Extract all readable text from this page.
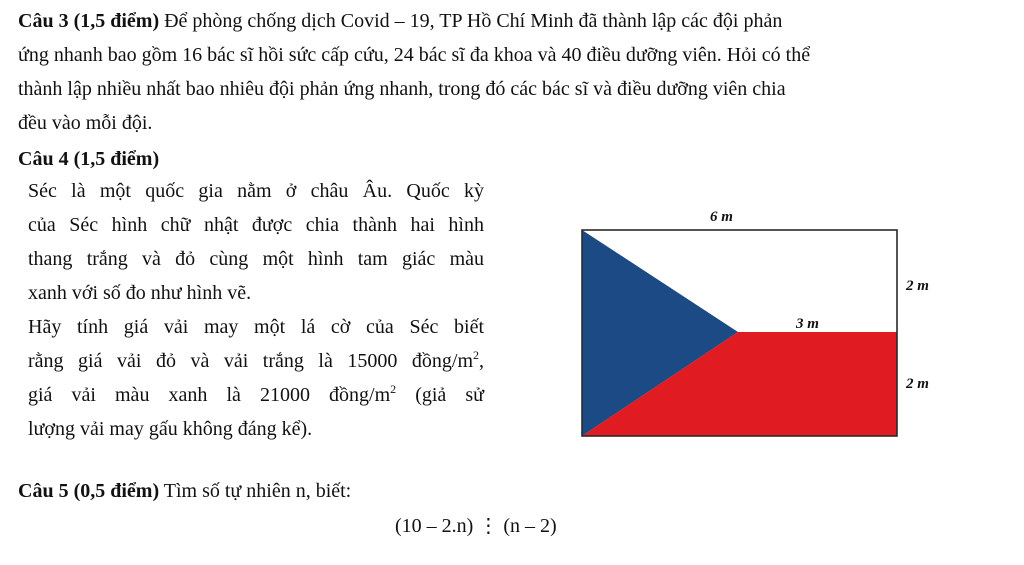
Câu 3 (1,5 điểm) Để phòng chống dịch Covid – 19, TP Hồ Chí Minh đã thành lập các đội phản
ứng nhanh bao gồm 16 bác sĩ hồi sức cấp cứu, 24 bác sĩ đa khoa và 40 điều dưỡng viên. Hỏi có thể
thành lập nhiều nhất bao nhiêu đội phản ứng nhanh, trong đó các bác sĩ và điều dưỡng viên chia
đều vào mỗi đội.
Câu 4 (1,5 điểm)
Séc là một quốc gia nằm ở châu Âu. Quốc kỳ
của Séc hình chữ nhật được chia thành hai hình
thang trắng và đỏ cùng một hình tam giác màu
xanh với số đo như hình vẽ.
Hãy tính giá vải may một lá cờ của Séc biết
rằng giá vải đỏ và vải trắng là 15000 đồng/$m^2$,
giá vải màu xanh là 21000 đồng/$m^2$ (giả sử
lượng vải may gấu không đáng kể).
6 m
2 m
3 m
2 m
Câu 5 (0,5 điểm) Tìm số tự nhiên n, biết:
(10 – 2.n) ⋮ (n – 2)
